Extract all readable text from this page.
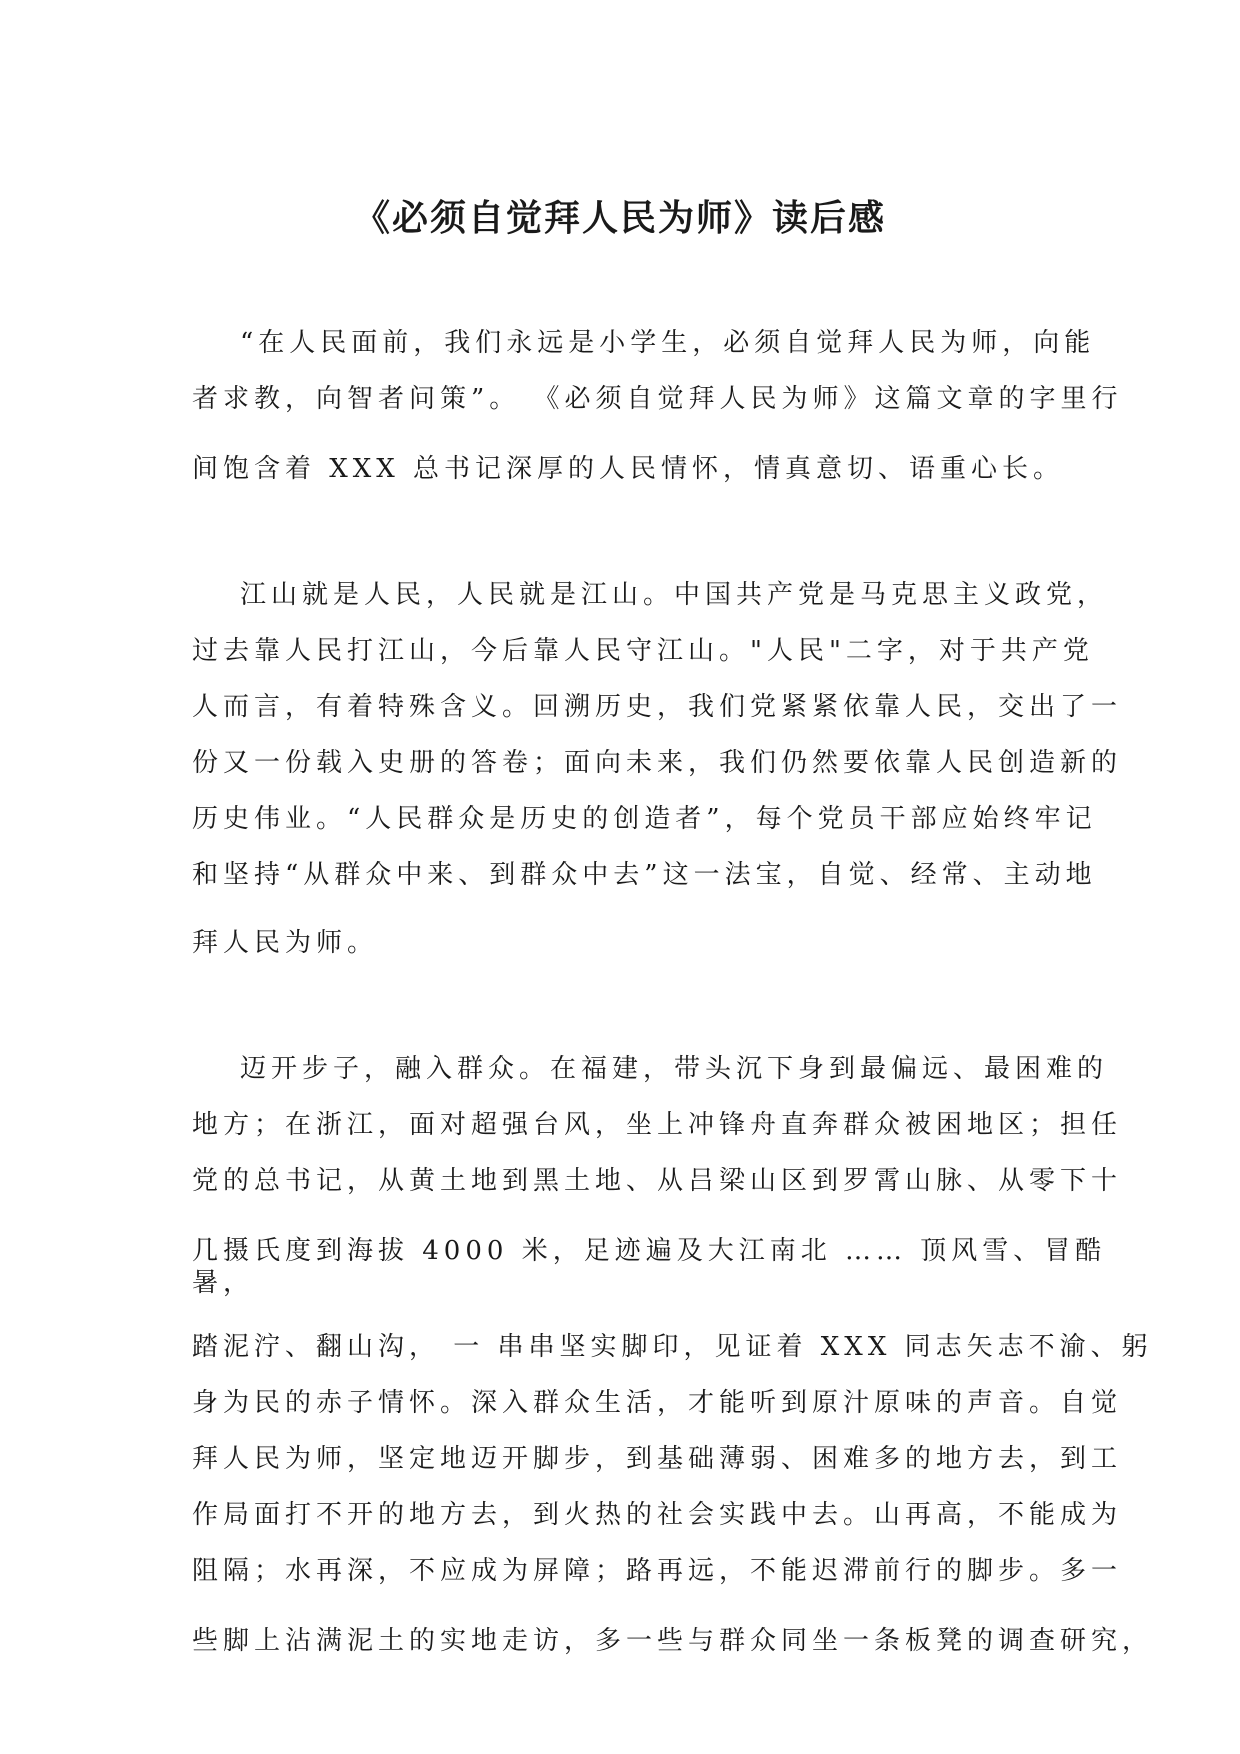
《必须自觉拜人民为师》读后感
“在人民面前，我们永远是小学生，必须自觉拜人民为师，向能
者求教，向智者问策”。 《必须自觉拜人民为师》这篇文章的字里行
间饱含着 XXX 总书记深厚的人民情怀，情真意切、语重心长。
江山就是人民，人民就是江山。中国共产党是马克思主义政党，
过去靠人民打江山，今后靠人民守江山。"人民"二字，对于共产党
人而言，有着特殊含义。回溯历史，我们党紧紧依靠人民，交出了一
份又一份载入史册的答卷；面向未来，我们仍然要依靠人民创造新的
历史伟业。“人民群众是历史的创造者”，每个党员干部应始终牢记
和坚持“从群众中来、到群众中去”这一法宝，自觉、经常、主动地
拜人民为师。
迈开步子，融入群众。在福建，带头沉下身到最偏远、最困难的
地方；在浙江，面对超强台风，坐上冲锋舟直奔群众被困地区；担任
党的总书记，从黄土地到黑土地、从吕梁山区到罗霄山脉、从零下十
几摄氏度到海拔 4000 米，足迹遍及大江南北 …… 顶风雪、冒酷
暑，
踏泥泞、翻山沟， 一 串串坚实脚印，见证着 XXX 同志矢志不渝、躬
身为民的赤子情怀。深入群众生活，才能听到原汁原味的声音。自觉
拜人民为师，坚定地迈开脚步，到基础薄弱、困难多的地方去，到工
作局面打不开的地方去，到火热的社会实践中去。山再高，不能成为
阻隔；水再深，不应成为屏障；路再远，不能迟滞前行的脚步。多一
些脚上沾满泥土的实地走访，多一些与群众同坐一条板凳的调查研究，
